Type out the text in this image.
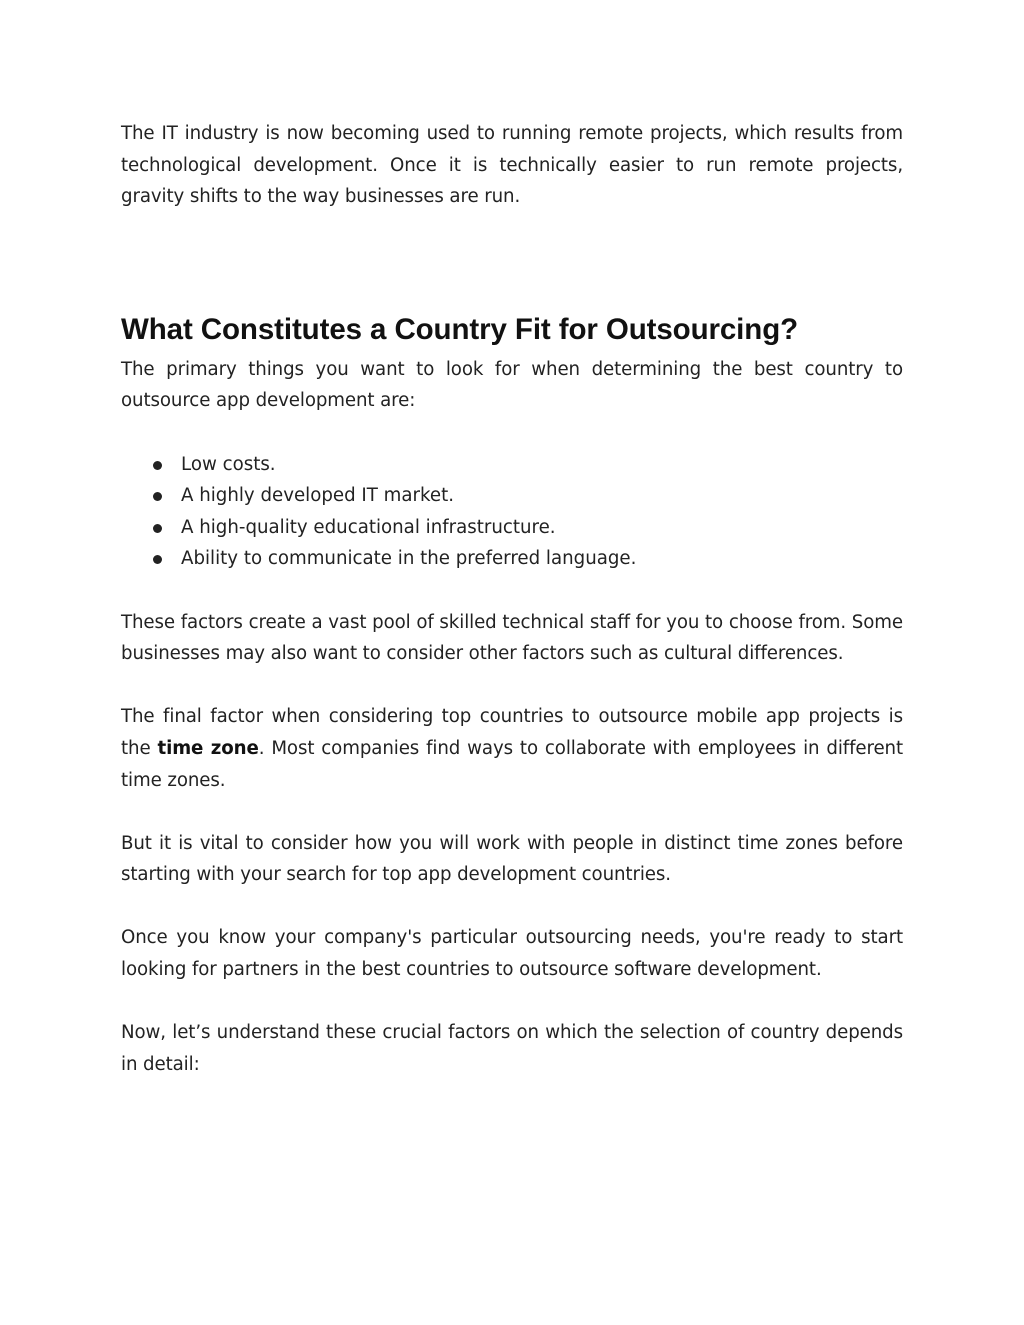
The IT industry is now becoming used to running remote projects, which results from technological development. Once it is technically easier to run remote projects, gravity shifts to the way businesses are run.

What Constitutes a Country Fit for Outsourcing?

The primary things you want to look for when determining the best country to outsource app development are:

Low costs.
A highly developed IT market.
A high-quality educational infrastructure.
Ability to communicate in the preferred language.

These factors create a vast pool of skilled technical staff for you to choose from. Some businesses may also want to consider other factors such as cultural differences.

The final factor when considering top countries to outsource mobile app projects is the time zone. Most companies find ways to collaborate with employees in different time zones.

But it is vital to consider how you will work with people in distinct time zones before starting with your search for top app development countries.

Once you know your company's particular outsourcing needs, you're ready to start looking for partners in the best countries to outsource software development.

Now, let’s understand these crucial factors on which the selection of country depends in detail:
